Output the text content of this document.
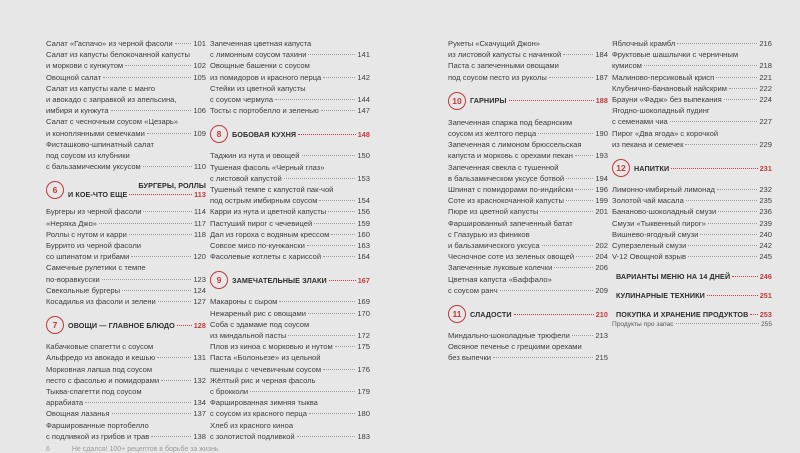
Салат «Гаспачо» из черной фасоли	101
Салат из капусты белокочанной капусты
и моркови с кунжутом	102
Овощной салат	105
Салат из капусты кале с манго
и авокадо с заправкой из апельсина,
имбиря и кунжута	106
Салат с чесночным соусом «Цезарь»
и коноплянными семечками	109
Фисташково-шпинатный салат
под соусом из клубники
с бальзамическим уксусом	110
6	БУРГЕРЫ, РОЛЛЫ
И КОЕ-ЧТО ЕЩЕ	113
Бургеры из черной фасоли	114
«Неряха Джо»	117
Роллы с нутом и карри	118
Буррито из черной фасоли
со шпинатом и грибами	120
Самечные рулетики с темпе
по-воравкусски	123
Свекольные бургеры	124
Косадилья из фасоли и зелени	127
7	ОВОЩИ — ГЛАВНОЕ БЛЮДО	128
Кабачковые спагетти с соусом
Альфредо из авокадо и кешью	131
Морковная лапша под соусом
песто с фасолью и помидорами	132
Тыква-спагетти под соусом
аррабиата	134
Овощная лазанья	137
Фаршированные портобелло
с подливкой из грибов и трав	138
Запеченная цветная капуста
с лимонным соусом тахини	141
Овощные башенки с соусом
из помидоров и красного перца	142
Стейки из цветной капусты
с соусом чермула	144
Тосты с портобелло и зеленью	147
8	БОБОВАЯ КУХНЯ	148
Таджин из нута и овощей	150
Тушеная фасоль «Черный глаз»
с листовой капустой	153
Тушеный темпе с капустой пак-чой
под острым имбирным соусом	154
Карри из нута и цветной капусты	156
Пастуший пирог с чечевицей	159
Дал из гороха с водяным крессом	160
Совсое мисо по-кунжански	163
Фасолевые котлеты с хариссой	164
9	ЗАМЕЧАТЕЛЬНЫЕ ЗЛАКИ	167
Макароны с сыром	169
Нежареный рис с овощами	170
Соба с эдамаме под соусом
из миндальной пасты	172
Плов из киноа с морковью и нутом	175
Паста «Болоньезе» из цельной
пшеницы с чечевичным соусом	176
Жёлтый рис и черная фасоль
с брокколи	179
Фаршированная зимняя тыква
с соусом из красного перца	180
Хлеб из красного киноа
с золотистой подливкой	183
Рукеты «Скачущий Джон»
из листовой капусты с начинкой	184
Паста с запеченными овощами
под соусом песто из руколы	187
10	ГАРНИРЫ	188
Запеченная спаржа под беарнским
соусом из желтого перца	190
Запеченная с лимоном брюссельская
капуста и морковь с орехами пекан	193
Запеченная свекла с тушенной
в бальзамическом уксусе ботвой	194
Шпинат с помидорами по-индийски	196
Соте из краснокочанной капусты	199
Пюре из цветной капусты	201
Фаршированный запеченный батат
с Глазурью из фиников
и бальзамического уксуса	202
Чесночное соте из зеленых овощей	204
Запеченные луковые колечки	206
Цветная капуста «Баффало»
с соусом ранч	209
11	СЛАДОСТИ	210
Миндально-шоколадные трюфели	213
Овсяное печенье с грецкими орехами
без выпечки	215
Яблочный крамбл	216
Фруктовые шашлычки с черничным
кумисом	218
Малиново-персиковый крисп	221
Клубнично-банановый найскрим	222
Брауни «Фадж» без выпекания	224
Ягодно-шоколадный пудинг
с семенами чиа	227
Пирог «Два ягода» с корочкой
из пекана и семечек	229
12	НАПИТКИ	231
Лимонно-имбирный лимонад	232
Золотой чай масала	235
Бананово-шоколадный смузи	236
Смузи «Тыквенный пирог»	239
Вишнево-ягодный смузи	240
Суперзеленый смузи	242
V-12 Овощной взрыв	245
ВАРИАНТЫ МЕНЮ НА 14 ДНЕЙ	246
КУЛИНАРНЫЕ ТЕХНИКИ	251
ПОКУПКА И ХРАНЕНИЕ ПРОДУКТОВ 253
Продукты про запас	255
6	Не сдался! 100+ рецептов в борьбе за жизнь
